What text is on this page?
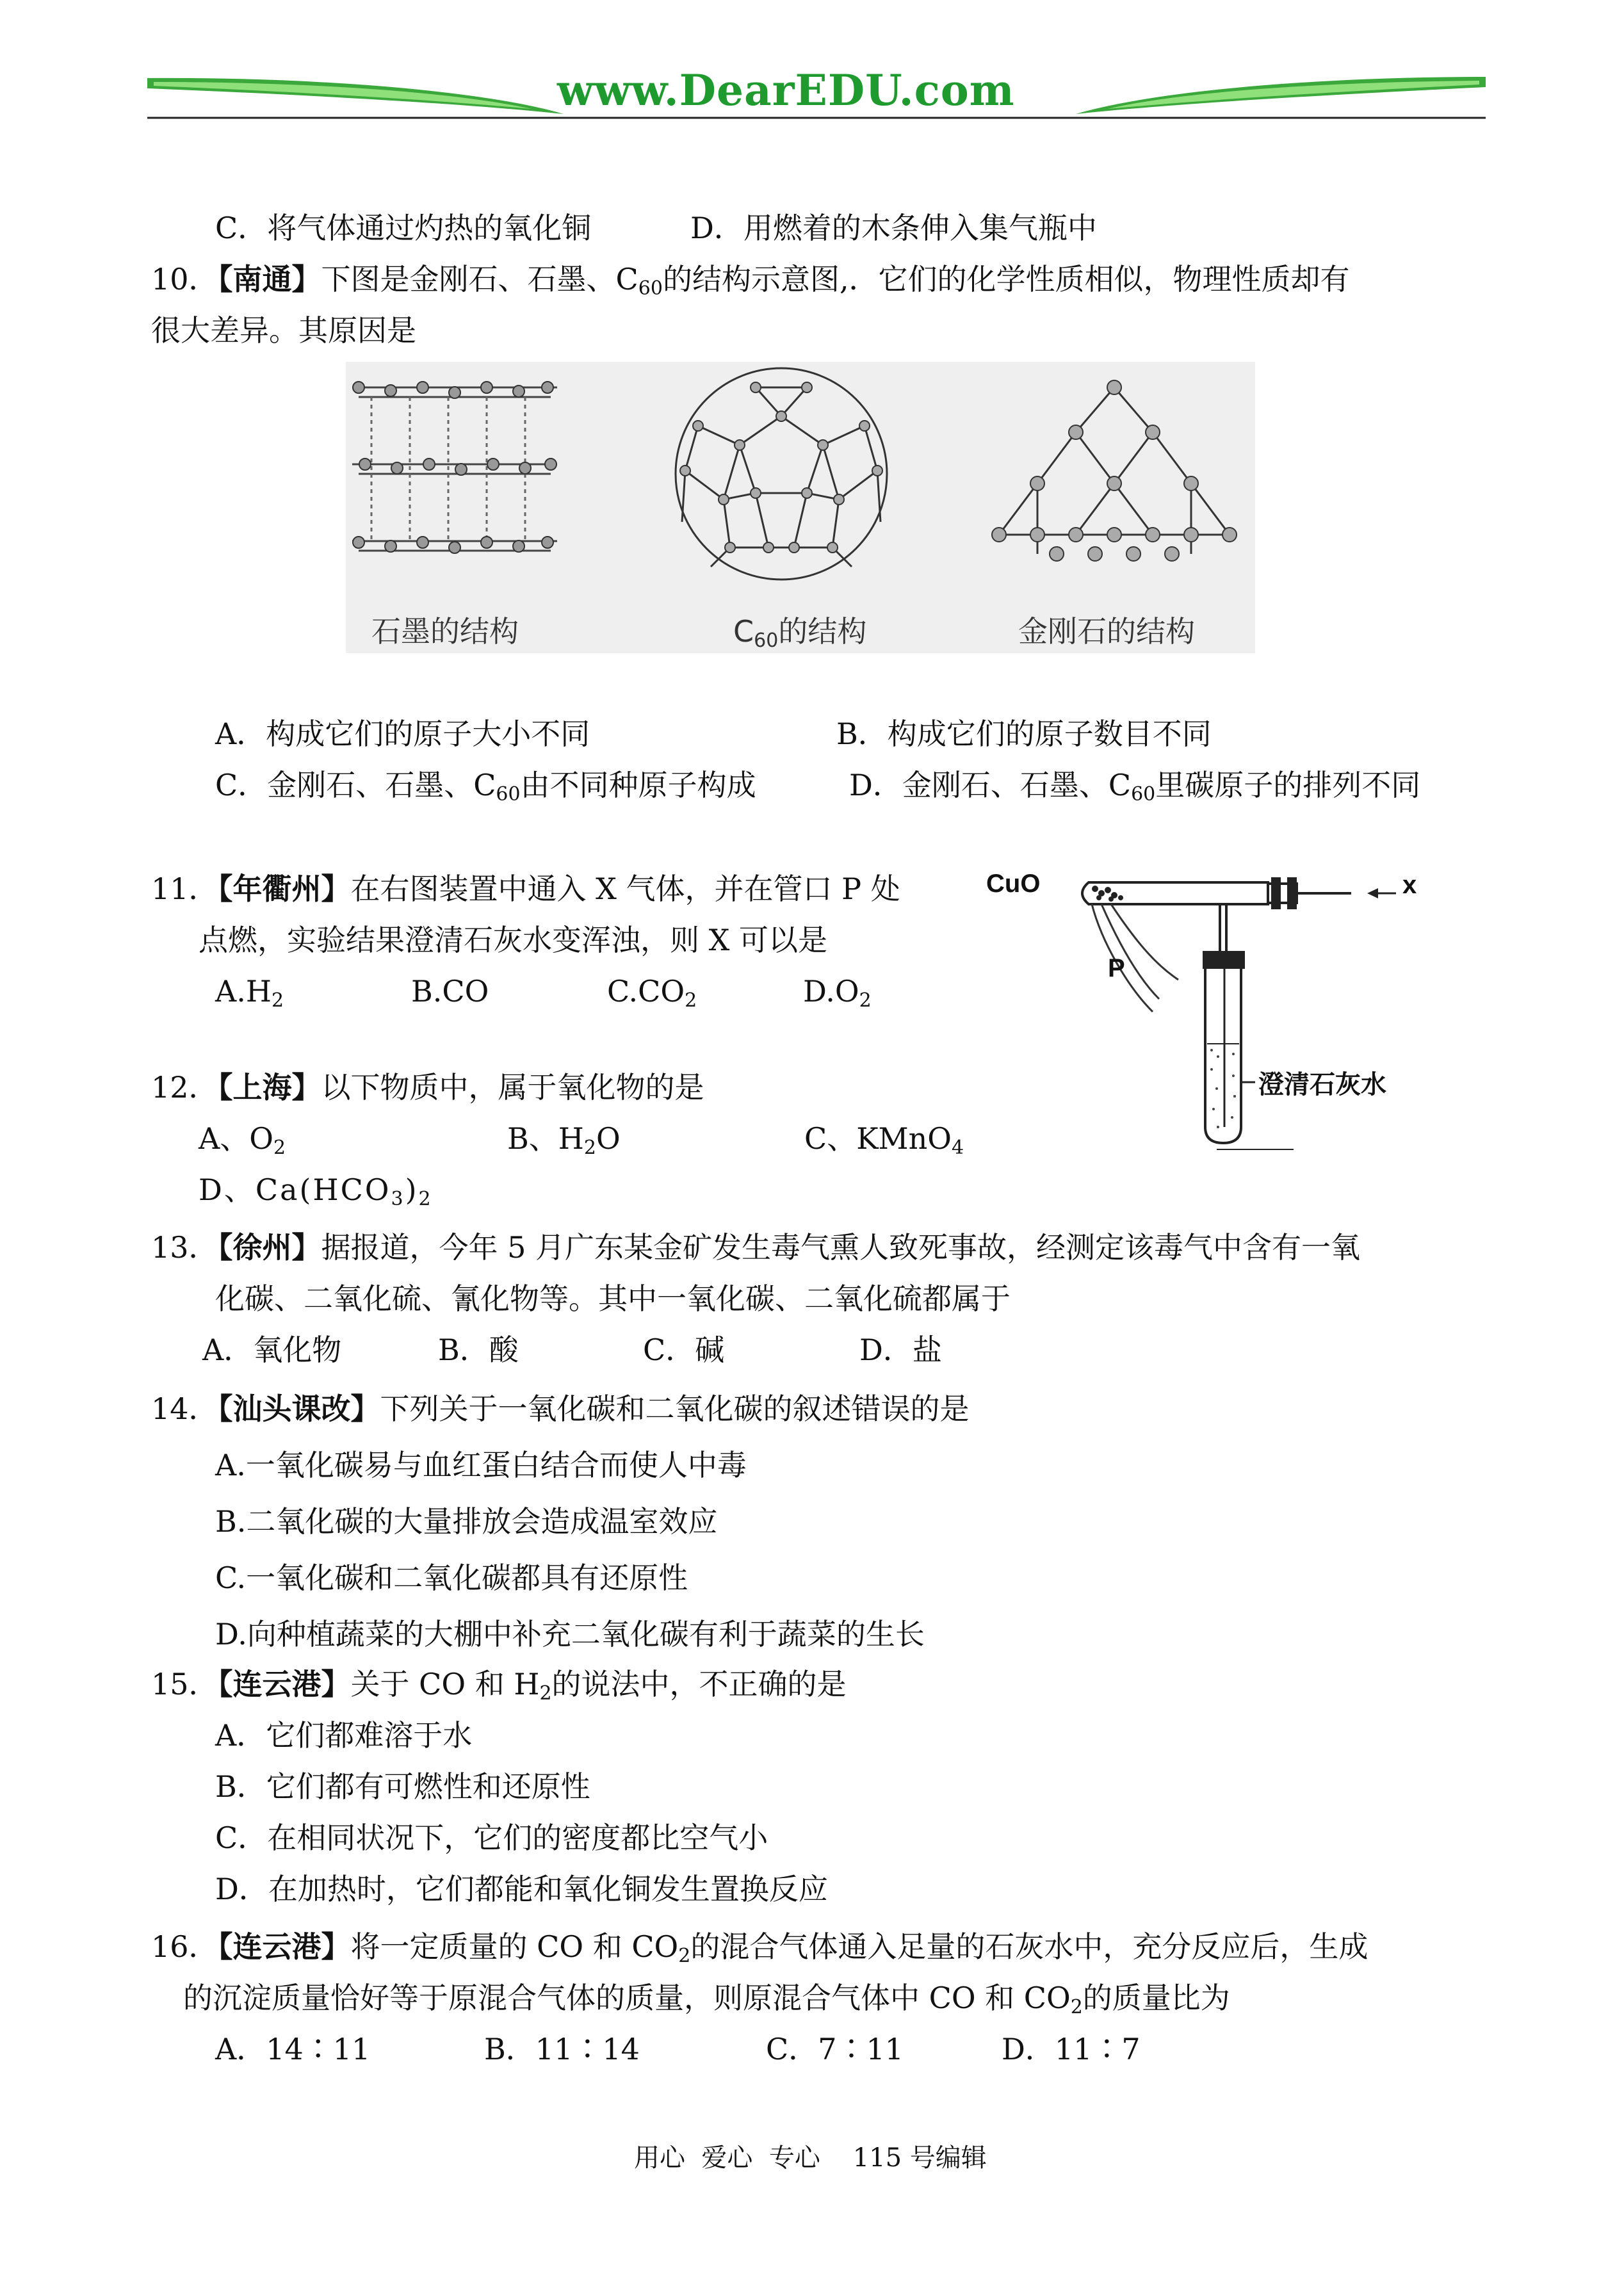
www.DearEDU.com
C．将气体通过灼热的氧化铜	D．用燃着的木条伸入集气瓶中
10．【南通】下图是金刚石、石墨、$C_{60}$的结构示意图,．它们的化学性质相似，物理性质却有
很大差异。其原因是
石墨的结构	$C_{60}$的结构	金刚石的结构
A．构成它们的原子大小不同	B．构成它们的原子数目不同
C．金刚石、石墨、$C_{60}$由不同种原子构成	D．金刚石、石墨、$C_{60}$里碳原子的排列不同
11．【年衢州】在右图装置中通入 X 气体，并在管口 P 处
点燃，实验结果澄清石灰水变浑浊，则 X 可以是
$A.H_2$	B.CO	$C.CO_2$	$D.O_2$
CuO	x
P
澄清石灰水
12．【上海】以下物质中，属于氧化物的是
A、$O_2$	B、$H_2O$	C、KMnO$_4$
D、$Ca(HCO_3)_2$
13．【徐州】据报道，今年 5 月广东某金矿发生毒气熏人致死事故，经测定该毒气中含有一氧
化碳、二氧化硫、氰化物等。其中一氧化碳、二氧化硫都属于
A．氧化物	B．酸	C．碱	D．盐
14．【汕头课改】下列关于一氧化碳和二氧化碳的叙述错误的是
A.一氧化碳易与血红蛋白结合而使人中毒
B.二氧化碳的大量排放会造成温室效应
C.一氧化碳和二氧化碳都具有还原性
D.向种植蔬菜的大棚中补充二氧化碳有利于蔬菜的生长
15．【连云港】关于 CO 和 $H_2$的说法中，不正确的是
A．它们都难溶于水
B．它们都有可燃性和还原性
C．在相同状况下，它们的密度都比空气小
D．在加热时，它们都能和氧化铜发生置换反应
16．【连云港】将一定质量的 CO 和 $CO_2$的混合气体通入足量的石灰水中，充分反应后，生成
的沉淀质量恰好等于原混合气体的质量，则原混合气体中 CO 和 $CO_2$的质量比为
A．14∶11	B．11∶14	C．7∶11	D．11∶7
用心  爱心  专心    115 号编辑
